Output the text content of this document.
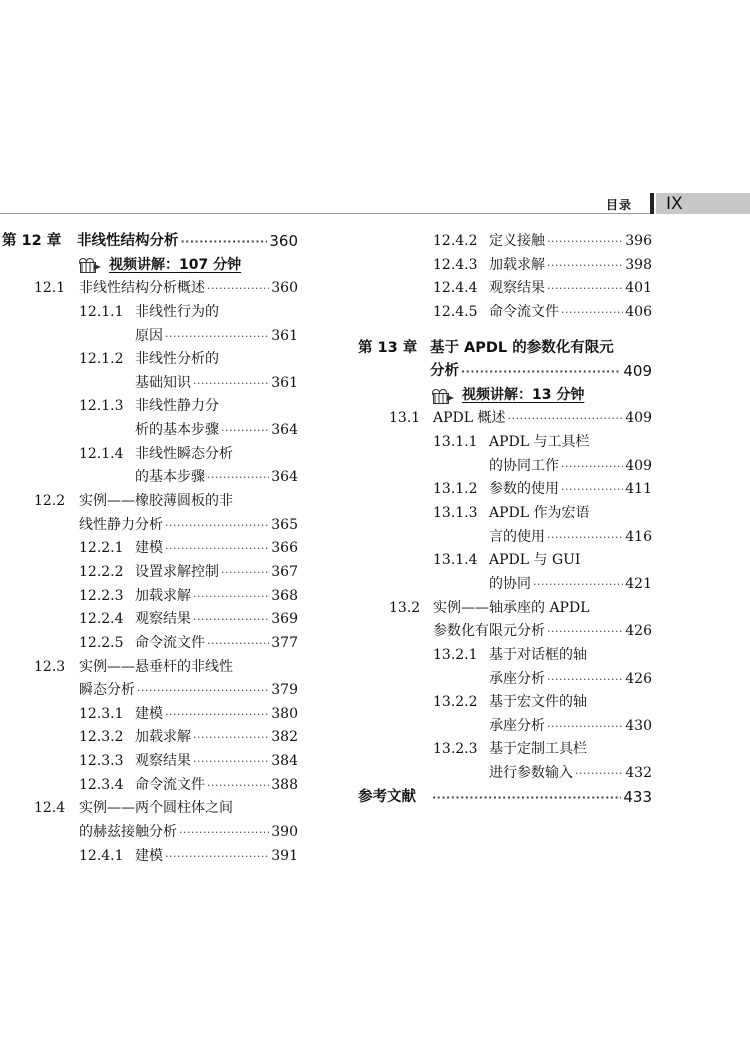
目录 IX
第 12 章 非线性结构分析 ·····	360
视频讲解：107 分钟
12.1 非线性结构分析概述 ·····	360
12.1.1 非线性行为的
原因 ·····	361
12.1.2 非线性分析的
基础知识 ·····	361
12.1.3 非线性静力分
析的基本步骤 ·····	364
12.1.4 非线性瞬态分析
的基本步骤 ·····	364
12.2 实例——橡胶薄圆板的非
线性静力分析 ·····	365
12.2.1 建模 ·····	366
12.2.2 设置求解控制 ·····	367
12.2.3 加载求解 ·····	368
12.2.4 观察结果 ·····	369
12.2.5 命令流文件 ·····	377
12.3 实例——悬垂杆的非线性
瞬态分析 ·····	379
12.3.1 建模 ·····	380
12.3.2 加载求解 ·····	382
12.3.3 观察结果 ·····	384
12.3.4 命令流文件 ·····	388
12.4 实例——两个圆柱体之间
的赫兹接触分析 ·····	390
12.4.1 建模 ·····	391
12.4.2 定义接触 ·····	396
12.4.3 加载求解 ·····	398
12.4.4 观察结果 ·····	401
12.4.5 命令流文件 ·····	406
第 13 章 基于 APDL 的参数化有限元
分析 ·····	409
视频讲解：13 分钟
13.1 APDL 概述 ·····	409
13.1.1 APDL 与工具栏
的协同工作 ·····	409
13.1.2 参数的使用 ·····	411
13.1.3 APDL 作为宏语
言的使用 ·····	416
13.1.4 APDL 与 GUI
的协同 ·····	421
13.2 实例——轴承座的 APDL
参数化有限元分析 ·····	426
13.2.1 基于对话框的轴
承座分析 ·····	426
13.2.2 基于宏文件的轴
承座分析 ·····	430
13.2.3 基于定制工具栏
进行参数输入 ·····	432
参考文献 ·····	433
